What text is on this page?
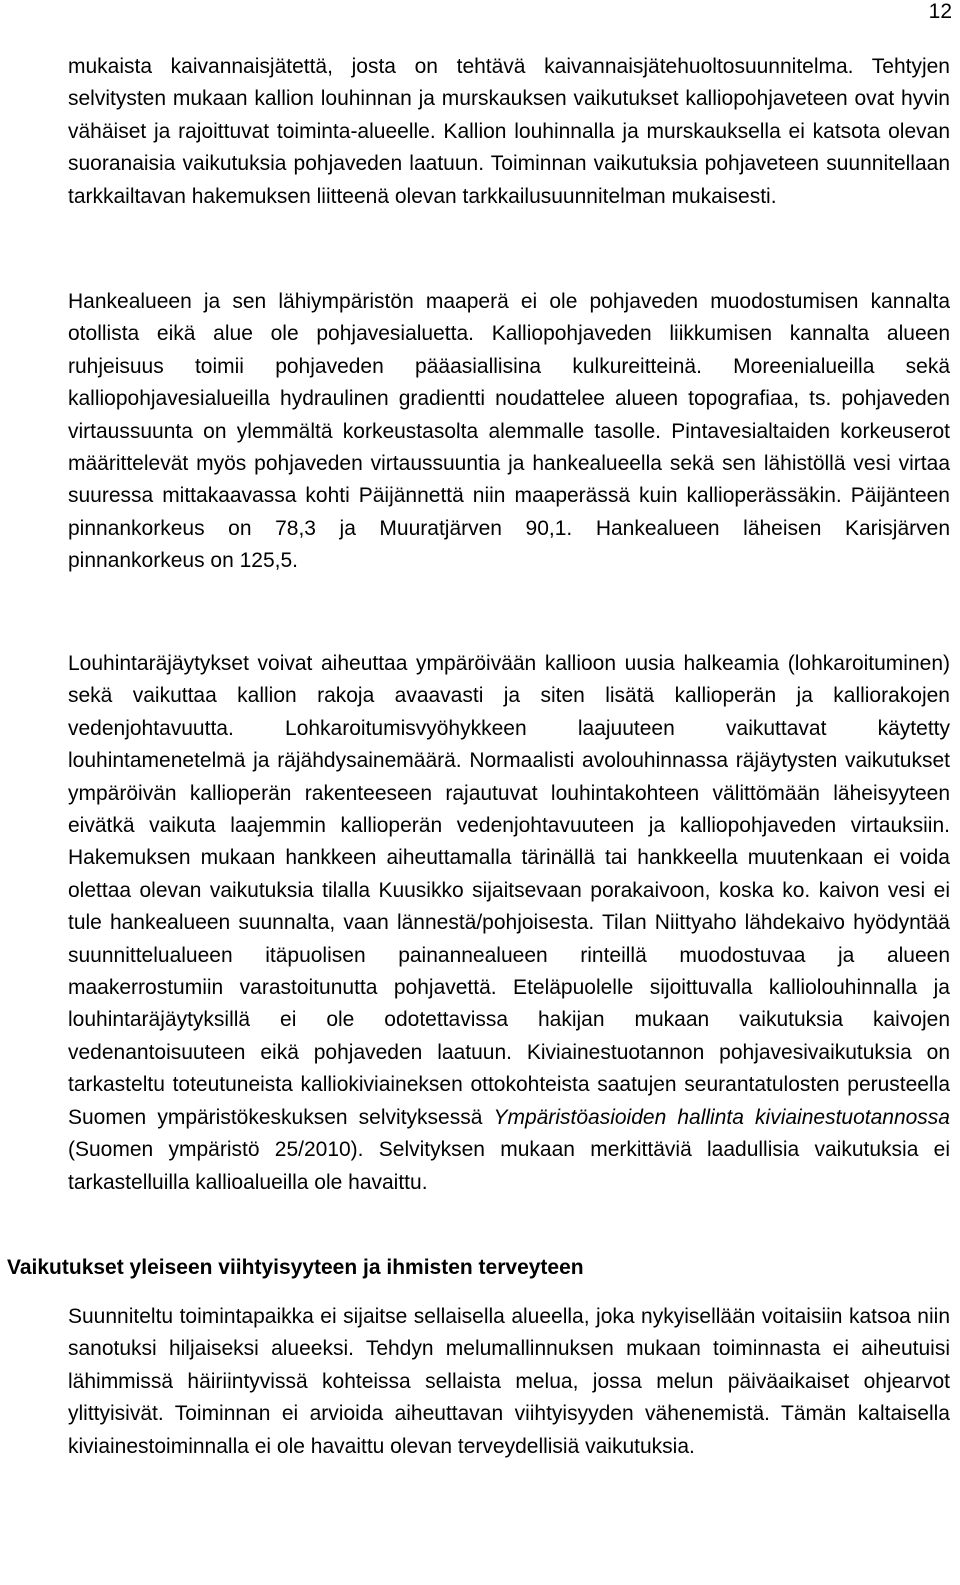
12

mukaista kaivannaisjätettä, josta on tehtävä kaivannaisjätehuoltosuunnitelma. Tehtyjen selvitysten mukaan kallion louhinnan ja murskauksen vaikutukset kalliopohjaveteen ovat hyvin vähäiset ja rajoittuvat toiminta-alueelle. Kallion louhinnalla ja murskauksella ei katsota olevan suoranaisia vaikutuksia pohjaveden laatuun. Toiminnan vaikutuksia pohjaveteen suunnitellaan tarkkailtavan hakemuksen liitteenä olevan tarkkailusuunnitelman mukaisesti.

Hankealueen ja sen lähiympäristön maaperä ei ole pohjaveden muodostumisen kannalta otollista eikä alue ole pohjavesialuetta. Kalliopohjaveden liikkumisen kannalta alueen ruhjeisuus toimii pohjaveden pääasiallisina kulkureitteinä. Moreenialueilla sekä kalliopohjavesialueilla hydraulinen gradientti noudattelee alueen topografiaa, ts. pohjaveden virtaussuunta on ylemmältä korkeustasolta alemmalle tasolle. Pintavesialtaiden korkeuserot määrittelevät myös pohjaveden virtaussuuntia ja hankealueella sekä sen lähistöllä vesi virtaa suuressa mittakaavassa kohti Päijännettä niin maaperässä kuin kallioperässäkin. Päijänteen pinnankorkeus on 78,3 ja Muuratjärven 90,1. Hankealueen läheisen Karisjärven pinnankorkeus on 125,5.

Louhintaräjäytykset voivat aiheuttaa ympäröivään kallioon uusia halkeamia (lohkaroituminen) sekä vaikuttaa kallion rakoja avaavasti ja siten lisätä kallioperän ja kalliorakojen vedenjohtavuutta. Lohkaroitumisvyöhykkeen laajuuteen vaikuttavat käytetty louhintamenetelmä ja räjähdysainemäärä. Normaalisti avolouhinnassa räjäytysten vaikutukset ympäröivän kallioperän rakenteeseen rajautuvat louhintakohteen välittömään läheisyyteen eivätkä vaikuta laajemmin kallioperän vedenjohtavuuteen ja kalliopohjaveden virtauksiin. Hakemuksen mukaan hankkeen aiheuttamalla tärinällä tai hankkeella muutenkaan ei voida olettaa olevan vaikutuksia tilalla Kuusikko sijaitsevaan porakaivoon, koska ko. kaivon vesi ei tule hankealueen suunnalta, vaan lännestä/pohjoisesta. Tilan Niittyaho lähdekaivo hyödyntää suunnittelualueen itäpuolisen painannealueen rinteillä muodostuvaa ja alueen maakerrostumiin varastoitunutta pohjavettä. Eteläpuolelle sijoittuvalla kalliolouhinnalla ja louhintaräjäytyksillä ei ole odotettavissa hakijan mukaan vaikutuksia kaivojen vedenantoisuuteen eikä pohjaveden laatuun. Kiviainestuotannon pohjavesivaikutuksia on tarkasteltu toteutuneista kalliokiviaineksen ottokohteista saatujen seurantatulosten perusteella Suomen ympäristökeskuksen selvityksessä Ympäristöasioiden hallinta kiviainestuotannossa (Suomen ympäristö 25/2010). Selvityksen mukaan merkittäviä laadullisia vaikutuksia ei tarkastelluilla kallioalueilla ole havaittu.

Vaikutukset yleiseen viihtyisyyteen ja ihmisten terveyteen

Suunniteltu toimintapaikka ei sijaitse sellaisella alueella, joka nykyisellään voitaisiin katsoa niin sanotuksi hiljaiseksi alueeksi. Tehdyn melumallinnuksen mukaan toiminnasta ei aiheutuisi lähimmissä häiriintyvissä kohteissa sellaista melua, jossa melun päiväaikaiset ohjearvot ylittyisivät. Toiminnan ei arvioida aiheuttavan viihtyisyyden vähenemistä. Tämän kaltaisella kiviainestoiminnalla ei ole havaittu olevan terveydellisiä vaikutuksia.
